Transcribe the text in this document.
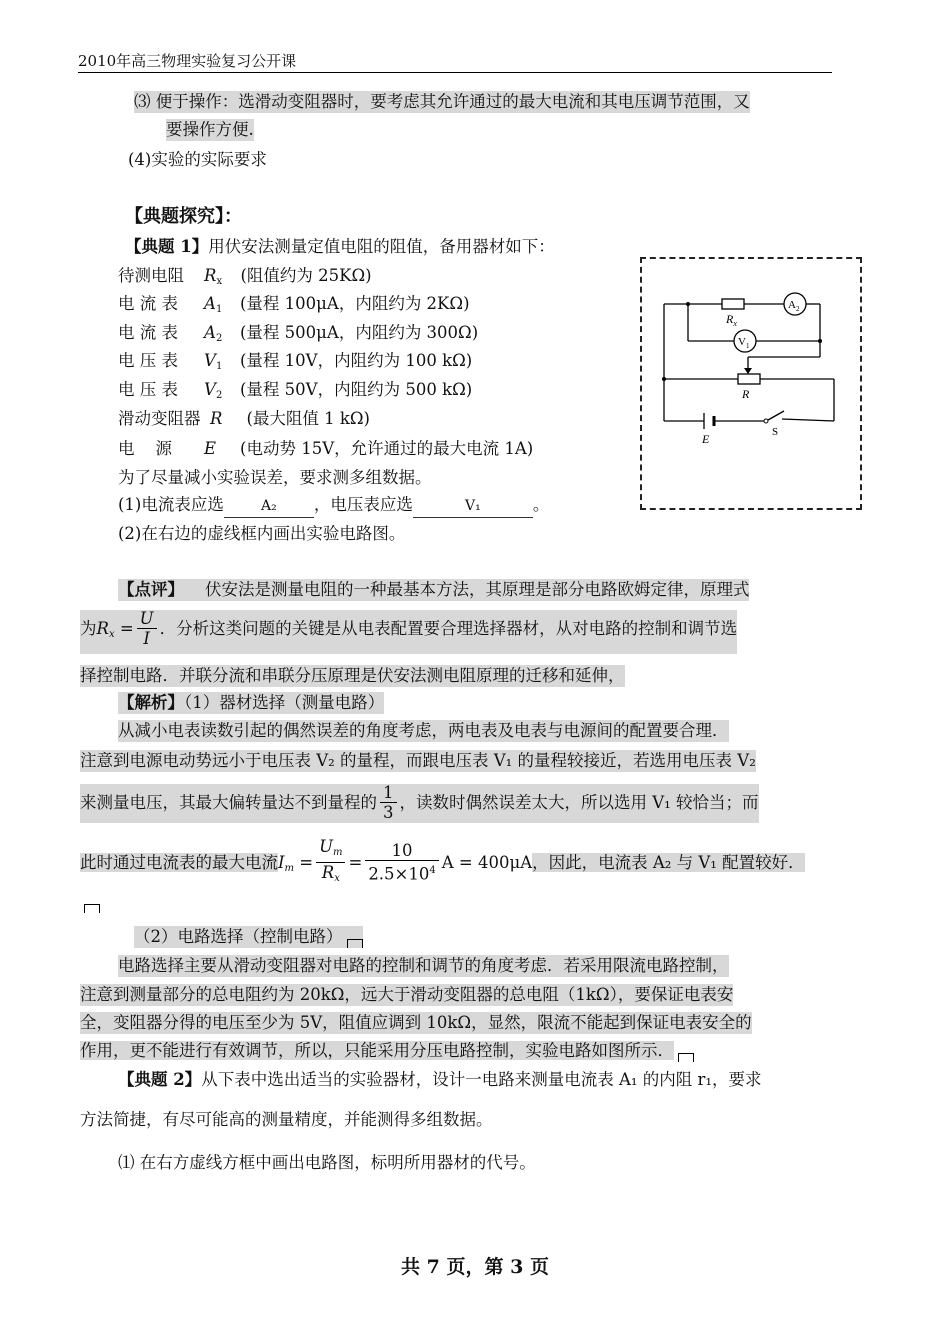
2010年高三物理实验复习公开课
⑶ 便于操作：选滑动变阻器时，要考虑其允许通过的最大电流和其电压调节范围，又
要操作方便.
(4)实验的实际要求
【典题探究】：
【典题 1】用伏安法测量定值电阻的阻值，备用器材如下：
待测电阻 $R_x$ (阻值约为 25KΩ)
电 流 表 $A_1$ (量程 100μA，内阻约为 2KΩ)
电 流 表 $A_2$ (量程 500μA，内阻约为 300Ω)
电 压 表 $V_1$ (量程 10V，内阻约为 100 kΩ)
电 压 表 $V_2$ (量程 50V，内阻约为 500 kΩ)
滑动变阻器 R (最大阻值 1 kΩ)
电    源 E (电动势 15V，允许通过的最大电流 1A)
为了尽量减小实验误差，要求测多组数据。
(1)电流表应选	A₂ ，电压表应选	V₁	。
(2)在右边的虚线框内画出实验电路图。
$R_x$
$A_2$
$V_1$
R
E	S
【点评】 伏安法是测量电阻的一种最基本方法，其原理是部分电路欧姆定律，原理式
为$R_x = \frac{U}{I}$ ．分析这类问题的关键是从电表配置要合理选择器材，从对电路的控制和调节选
择控制电路．并联分流和串联分压原理是伏安法测电阻原理的迁移和延伸，
【解析】（1）器材选择（测量电路）
从减小电表读数引起的偶然误差的角度考虑，两电表及电表与电源间的配置要合理．
注意到电源电动势远小于电压表 V₂ 的量程，而跟电压表 V₁ 的量程较接近，若选用电压表 V₂
来测量电压，其最大偏转量达不到量程的 $\frac{1}{3}$ ，读数时偶然误差太大，所以选用 V₁ 较恰当；而
此时通过电流表的最大电流$I_m = \frac{U_m}{R_x} = \frac{10}{2.5\times 10^4}$ A = 400μA，因此，电流表 A₂ 与 V₁ 配置较好．
（2）电路选择（控制电路）
电路选择主要从滑动变阻器对电路的控制和调节的角度考虑．若采用限流电路控制，
注意到测量部分的总电阻约为 20kΩ，远大于滑动变阻器的总电阻（1kΩ），要保证电表安
全，变阻器分得的电压至少为 5V，阻值应调到 10kΩ，显然，限流不能起到保证电表安全的
作用，更不能进行有效调节，所以，只能采用分压电路控制，实验电路如图所示．
【典题 2】从下表中选出适当的实验器材，设计一电路来测量电流表 A₁ 的内阻 r₁，要求
方法简捷，有尽可能高的测量精度，并能测得多组数据。
⑴ 在右方虚线方框中画出电路图，标明所用器材的代号。
共 7 页，第 3 页
